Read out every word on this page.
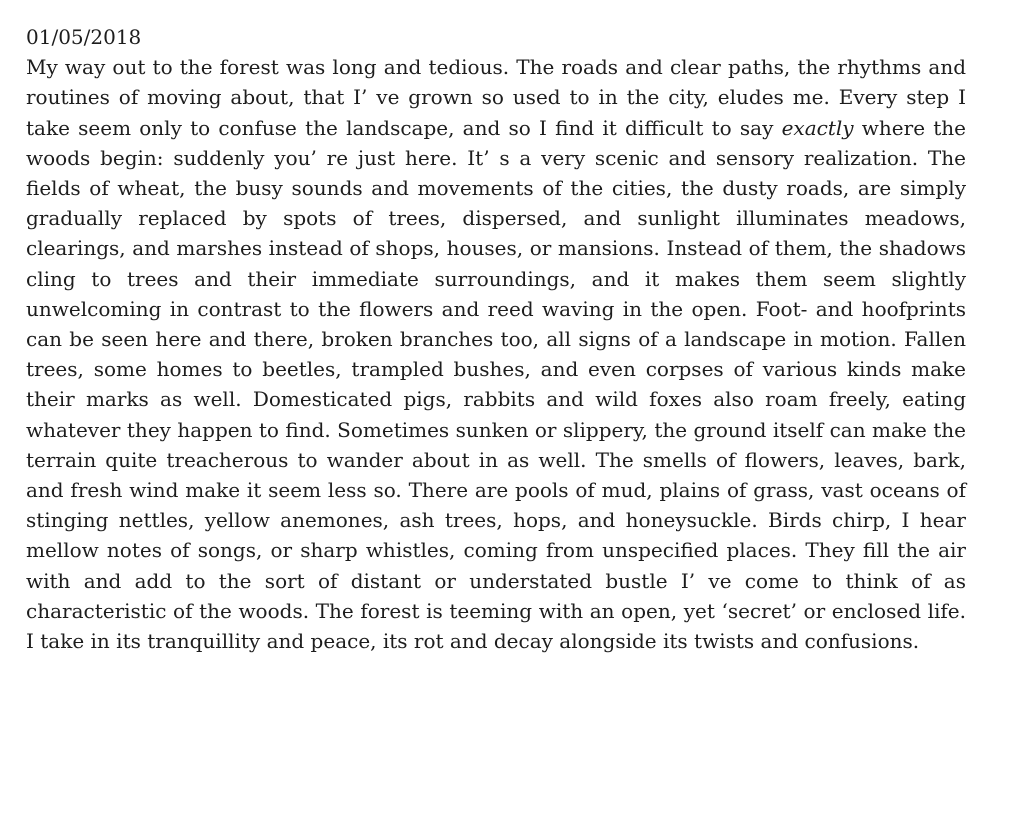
01/05/2018

My way out to the forest was long and tedious. The roads and clear paths, the rhythms and routines of moving about, that I’ ve grown so used to in the city, eludes me. Every step I take seem only to confuse the landscape, and so I find it difficult to say exactly where the woods begin: suddenly you’ re just here. It’ s a very scenic and sensory realization. The fields of wheat, the busy sounds and movements of the cities, the dusty roads, are simply gradually replaced by spots of trees, dispersed, and sunlight illuminates meadows, clearings, and marshes instead of shops, houses, or mansions. Instead of them, the shadows cling to trees and their immediate surroundings, and it makes them seem slightly unwelcoming in contrast to the flowers and reed waving in the open. Foot- and hoofprints can be seen here and there, broken branches too, all signs of a landscape in motion. Fallen trees, some homes to beetles, trampled bushes, and even corpses of various kinds make their marks as well. Domesticated pigs, rabbits and wild foxes also roam freely, eating whatever they happen to find. Sometimes sunken or slippery, the ground itself can make the terrain quite treacherous to wander about in as well. The smells of flowers, leaves, bark, and fresh wind make it seem less so. There are pools of mud, plains of grass, vast oceans of stinging nettles, yellow anemones, ash trees, hops, and honeysuckle. Birds chirp, I hear mellow notes of songs, or sharp whistles, coming from unspecified places. They fill the air with and add to the sort of distant or understated bustle I’ ve come to think of as characteristic of the woods. The forest is teeming with an open, yet ‘secret’ or enclosed life. I take in its tranquillity and peace, its rot and decay alongside its twists and confusions.
